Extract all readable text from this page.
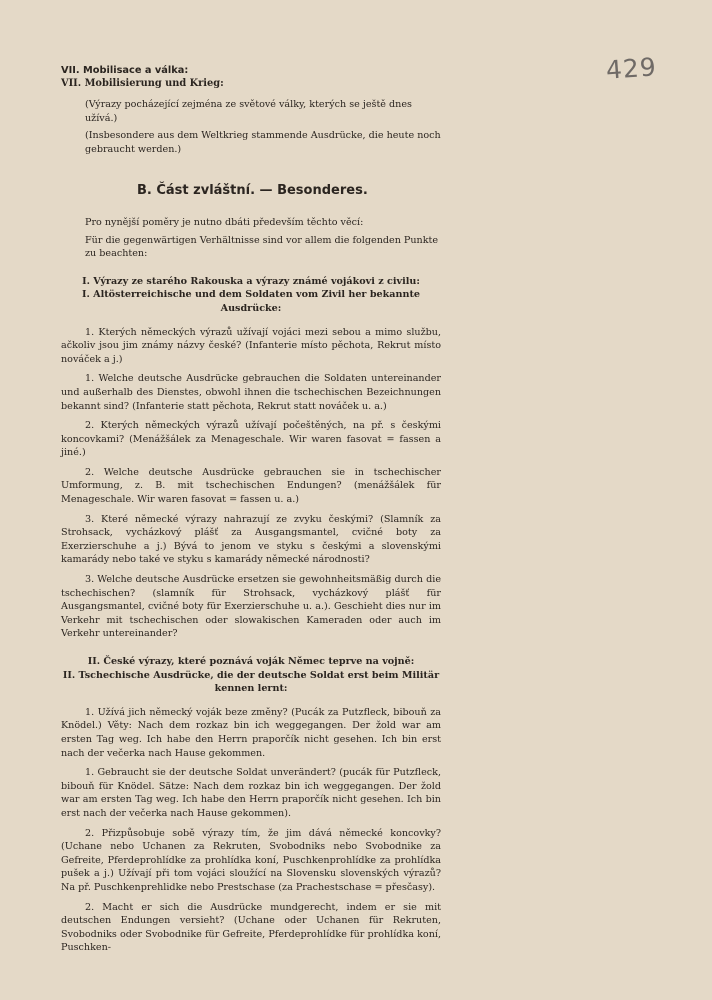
429
VII. Mobilisace a válka:
VII. Mobilisierung und Krieg:

(Výrazy pocházející zejména ze světové války, kterých se ještě dnes užívá.)

(Insbesondere aus dem Weltkrieg stammende Ausdrücke, die heute noch gebraucht werden.)

B. Část zvláštní. — Besonderes.

Pro nynější poměry je nutno dbáti především těchto věcí:

Für die gegenwärtigen Verhältnisse sind vor allem die folgenden Punkte zu beachten:

I. Výrazy ze starého Rakouska a výrazy známé vojákovi z civilu:
I. Altösterreichische und dem Soldaten vom Zivil her bekannte Ausdrücke:

1. Kterých německých výrazů užívají vojáci mezi sebou a mimo službu, ačkoliv jsou jim známy názvy české? (Infanterie místo pěchota, Rekrut místo nováček a j.)

1. Welche deutsche Ausdrücke gebrauchen die Soldaten untereinander und außerhalb des Dienstes, obwohl ihnen die tschechischen Bezeichnungen bekannt sind? (Infanterie statt pěchota, Rekrut statt nováček u. a.)

2. Kterých německých výrazů užívají počeštěných, na př. s českými koncovkami? (Menážšálek za Menageschale. Wir waren fasovat = fassen a jiné.)

2. Welche deutsche Ausdrücke gebrauchen sie in tschechischer Umformung, z. B. mit tschechischen Endungen? (menážšálek für Menageschale. Wir waren fasovat = fassen u. a.)

3. Které německé výrazy nahrazují ze zvyku českými? (Slamník za Strohsack, vycházkový plášť za Ausgangsmantel, cvičné boty za Exerzierschuhe a j.) Bývá to jenom ve styku s českými a slovenskými kamarády nebo také ve styku s kamarády německé národnosti?

3. Welche deutsche Ausdrücke ersetzen sie gewohnheitsmäßig durch die tschechischen? (slamník für Strohsack, vycházkový plášť für Ausgangsmantel, cvičné boty für Exerzierschuhe u. a.). Geschieht dies nur im Verkehr mit tschechischen oder slowakischen Kameraden oder auch im Verkehr untereinander?

II. České výrazy, které poznává voják Němec teprve na vojně:
II. Tschechische Ausdrücke, die der deutsche Soldat erst beim Militär kennen lernt:

1. Užívá jich německý voják beze změny? (Pucák za Putzfleck, bibouň za Knödel.) Věty: Nach dem rozkaz bin ich weggegangen. Der žold war am ersten Tag weg. Ich habe den Herrn praporčík nicht gesehen. Ich bin erst nach der večerka nach Hause gekommen.

1. Gebraucht sie der deutsche Soldat unverändert? (pucák für Putzfleck, bibouň für Knödel. Sätze: Nach dem rozkaz bin ich weggegangen. Der žold war am ersten Tag weg. Ich habe den Herrn praporčík nicht gesehen. Ich bin erst nach der večerka nach Hause gekommen).

2. Přizpůsobuje sobě výrazy tím, že jim dává německé koncovky? (Uchane nebo Uchanen za Rekruten, Svobodniks nebo Svobodnike za Gefreite, Pferdeprohlídke za prohlídka koní, Puschkenprohlídke za prohlídka pušek a j.) Užívají při tom vojáci sloužící na Slovensku slovenských výrazů? Na př. Puschkenprehlidke nebo Prestschase (za Prachestschase = přesčasy).

2. Macht er sich die Ausdrücke mundgerecht, indem er sie mit deutschen Endungen versieht? (Uchane oder Uchanen für Rekruten, Svobodniks oder Svobodnike für Gefreite, Pferdeprohlídke für prohlídka koní, Puschken-
